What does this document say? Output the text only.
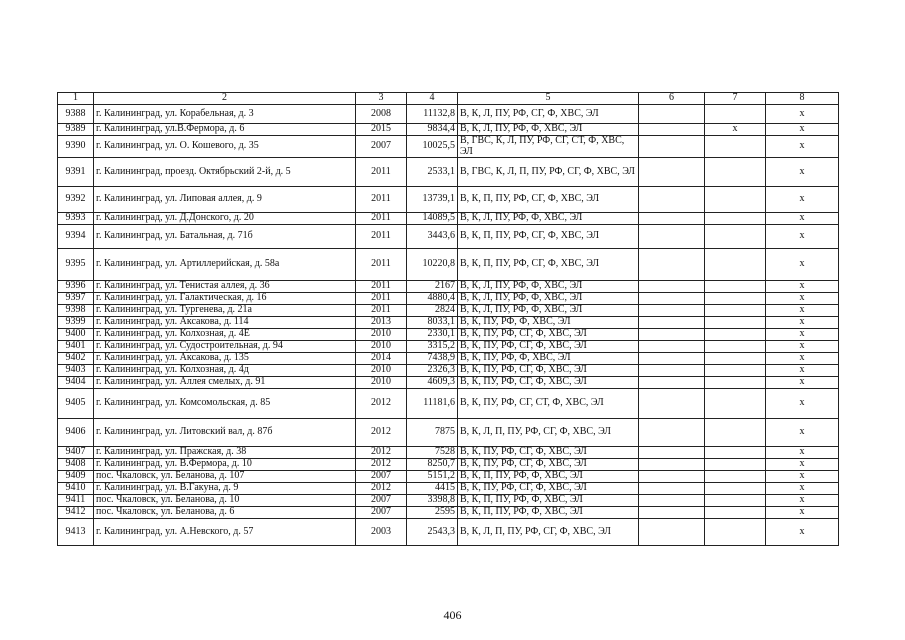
1	2	3	4	5	6	7	8
9388	г. Калининград, ул. Корабельная, д. 3	2008	11132,8	В, К, Л, ПУ, РФ, СГ, Ф, ХВС, ЭЛ			х
9389	г. Калининград, ул.В.Фермора, д. 6	2015	9834,4	В, К, Л, ПУ, РФ, Ф, ХВС, ЭЛ		х	х
9390	г. Калининград, ул. О. Кошевого, д. 35	2007	10025,5	В, ГВС, К, Л, ПУ, РФ, СГ, СТ, Ф, ХВС, ЭЛ			х
9391	г. Калининград, проезд. Октябрьский 2-й, д. 5	2011	2533,1	В, ГВС, К, Л, П, ПУ, РФ, СГ, Ф, ХВС, ЭЛ			х
9392	г. Калининград, ул. Липовая аллея, д. 9	2011	13739,1	В, К, П, ПУ, РФ, СГ, Ф, ХВС, ЭЛ			х
9393	г. Калининград, ул. Д.Донского, д. 20	2011	14089,5	В, К, Л, ПУ, РФ, Ф, ХВС, ЭЛ			х
9394	г. Калининград, ул. Батальная, д. 71б	2011	3443,6	В, К, П, ПУ, РФ, СГ, Ф, ХВС, ЭЛ			х
9395	г. Калининград, ул. Артиллерийская, д. 58а	2011	10220,8	В, К, П, ПУ, РФ, СГ, Ф, ХВС, ЭЛ			х
9396	г. Калининград, ул. Тенистая аллея, д. 36	2011	2167	В, К, Л, ПУ, РФ, Ф, ХВС, ЭЛ			х
9397	г. Калининград, ул. Галактическая, д. 16	2011	4880,4	В, К, Л, ПУ, РФ, Ф, ХВС, ЭЛ			х
9398	г. Калининград, ул. Тургенева, д. 21а	2011	2824	В, К, Л, ПУ, РФ, Ф, ХВС, ЭЛ			х
9399	г. Калининград, ул. Аксакова, д. 114	2013	8033,1	В, К, ПУ, РФ, Ф, ХВС, ЭЛ			х
9400	г. Калининград, ул. Колхозная, д. 4Е	2010	2330,1	В, К, ПУ, РФ, СГ, Ф, ХВС, ЭЛ			х
9401	г. Калининград, ул. Судостроительная, д. 94	2010	3315,2	В, К, ПУ, РФ, СГ, Ф, ХВС, ЭЛ			х
9402	г. Калининград, ул. Аксакова, д. 135	2014	7438,9	В, К, ПУ, РФ, Ф, ХВС, ЭЛ			х
9403	г. Калининград, ул. Колхозная, д. 4д	2010	2326,3	В, К, ПУ, РФ, СГ, Ф, ХВС, ЭЛ			х
9404	г. Калининград, ул. Аллея смелых, д. 91	2010	4609,3	В, К, ПУ, РФ, СГ, Ф, ХВС, ЭЛ			х
9405	г. Калининград, ул. Комсомольская, д. 85	2012	11181,6	В, К, ПУ, РФ, СГ, СТ, Ф, ХВС, ЭЛ			х
9406	г. Калининград, ул. Литовский вал, д. 87б	2012	7875	В, К, Л, П, ПУ, РФ, СГ, Ф, ХВС, ЭЛ			х
9407	г. Калининград, ул. Пражская, д. 38	2012	7528	В, К, ПУ, РФ, СГ, Ф, ХВС, ЭЛ			х
9408	г. Калининград, ул. В.Фермора, д. 10	2012	8250,7	В, К, ПУ, РФ, СГ, Ф, ХВС, ЭЛ			х
9409	пос. Чкаловск, ул. Беланова, д. 107	2007	5151,2	В, К, П, ПУ, РФ, Ф, ХВС, ЭЛ			х
9410	г. Калининград, ул. В.Гакуна, д. 9	2012	4415	В, К, ПУ, РФ, СГ, Ф, ХВС, ЭЛ			х
9411	пос. Чкаловск, ул. Беланова, д. 10	2007	3398,8	В, К, П, ПУ, РФ, Ф, ХВС, ЭЛ			х
9412	пос. Чкаловск, ул. Беланова, д. 6	2007	2595	В, К, П, ПУ, РФ, Ф, ХВС, ЭЛ			х
9413	г. Калининград, ул. А.Невского, д. 57	2003	2543,3	В, К, Л, П, ПУ, РФ, СГ, Ф, ХВС, ЭЛ			х
406
